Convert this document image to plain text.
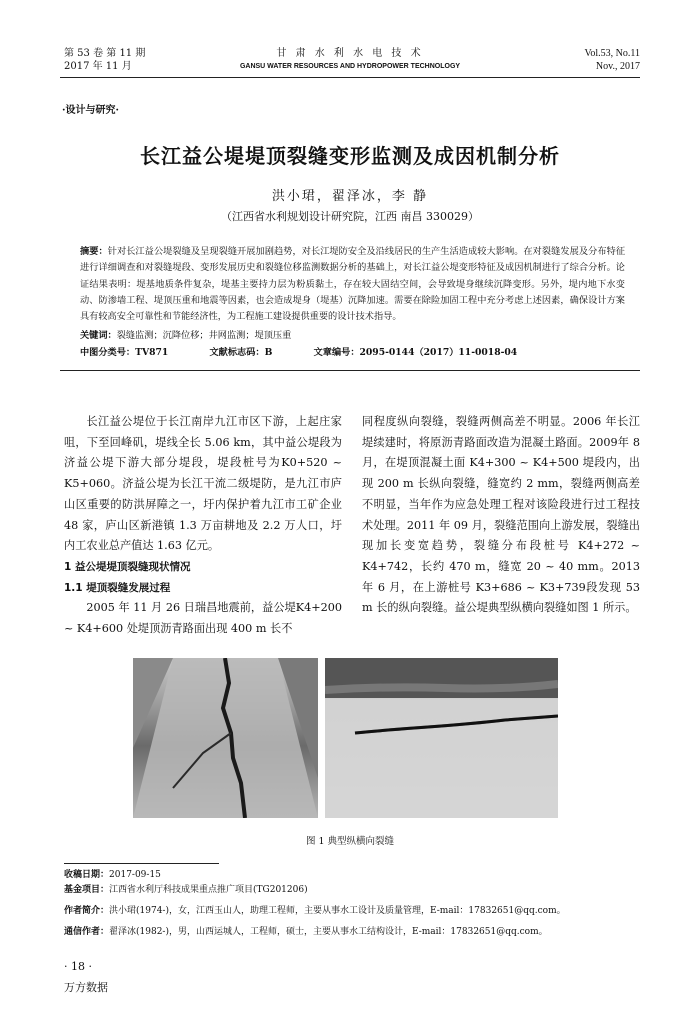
第 53 卷 第 11 期
2017 年 11 月
甘 肃 水 利 水 电 技 术
GANSU WATER RESOURCES AND HYDROPOWER TECHNOLOGY
Vol.53, No.11
Nov., 2017
·设计与研究·
长江益公堤堤顶裂缝变形监测及成因机制分析
洪小珺，翟泽冰，李 静
（江西省水利规划设计研究院，江西 南昌 330029）
摘要：针对长江益公堤裂缝及呈现裂缝开展加剧趋势，对长江堤防安全及沿线居民的生产生活造成较大影响。在对裂缝发展及分布特征进行详细调查和对裂缝堤段、变形发展历史和裂缝位移监测数据分析的基础上，对长江益公堤变形特征及成因机制进行了综合分析。论证结果表明：堤基地质条件复杂，堤基主要持力层为粉质黏土，存在较大固结空间，会导致堤身继续沉降变形。另外，堤内地下水变动、防渗墙工程、堤顶压重和地震等因素，也会造成堤身（堤基）沉降加速。需要在除险加固工程中充分考虑上述因素，确保设计方案具有较高安全可靠性和节能经济性，为工程施工建设提供重要的设计技术指导。
关键词：裂缝监测；沉降位移；井网监测；堤顶压重
中图分类号：TV871	文献标志码：B	文章编号：2095-0144（2017）11-0018-04

长江益公堤位于长江南岸九江市区下游，上起庄家咀，下至回峰矶，堤线全长 5.06 km，其中益公堤段为济益公堤下游大部分堤段，堤段桩号为K0+520 ~ K5+060。济益公堤为长江干流二级堤防，是九江市庐山区重要的防洪屏障之一，圩内保护着九江市工矿企业 48 家，庐山区新港镇 1.3 万亩耕地及 2.2 万人口，圩内工农业总产值达 1.63 亿元。

1 益公堤堤顶裂缝现状情况

1.1 堤顶裂缝发展过程

2005 年 11 月 26 日瑞昌地震前，益公堤K4+200 ~ K4+600 处堤顶沥青路面出现 400 m 长不

同程度纵向裂缝，裂缝两侧高差不明显。2006 年长江堤续建时，将原沥青路面改造为混凝土路面。2009年 8 月，在堤顶混凝土面 K4+300 ~ K4+500 堤段内，出现 200 m 长纵向裂缝，缝宽约 2 mm，裂缝两侧高差不明显，当年作为应急处理工程对该险段进行过工程技术处理。2011 年 09 月，裂缝范围向上游发展，裂缝出现加长变宽趋势，裂缝分布段桩号 K4+272 ~ K4+742，长约 470 m，缝宽 20 ~ 40 mm。2013 年 6 月，在上游桩号 K3+686 ~ K3+739段发现 53 m 长的纵向裂缝。益公堤典型纵横向裂缝如图 1 所示。

图 1 典型纵横向裂缝
收稿日期：2017-09-15
基金项目：江西省水利厅科技成果重点推广项目(TG201206)
作者简介：洪小珺(1974-)，女，江西玉山人，助理工程师，主要从事水工设计及质量管理，E-mail：17832651@qq.com。
通信作者：翟泽冰(1982-)，男，山西运城人，工程师，硕士，主要从事水工结构设计，E-mail：17832651@qq.com。
· 18 ·
万方数据
